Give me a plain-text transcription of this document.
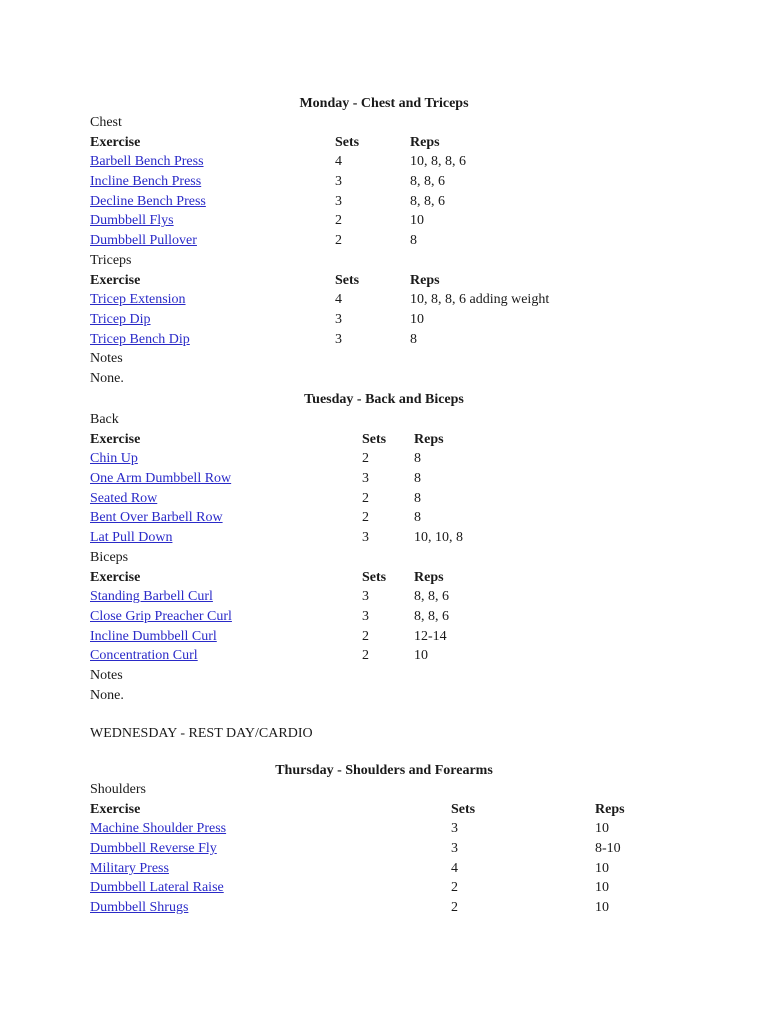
Monday - Chest and Triceps
Chest
Exercise	Sets	Reps
Barbell Bench Press	4	10, 8, 8, 6
Incline Bench Press	3	8, 8, 6
Decline Bench Press	3	8, 8, 6
Dumbbell Flys	2	10
Dumbbell Pullover	2	8
Triceps
Exercise	Sets	Reps
Tricep Extension	4	10, 8, 8, 6 adding weight
Tricep Dip	3	10
Tricep Bench Dip	3	8
Notes
None.
Tuesday - Back and Biceps
Back
Exercise	Sets Reps
Chin Up	2	8
One Arm Dumbbell Row	3	8
Seated Row	2	8
Bent Over Barbell Row	2	8
Lat Pull Down	3	10, 10, 8
Biceps
Exercise	Sets Reps
Standing Barbell Curl	3	8, 8, 6
Close Grip Preacher Curl	3	8, 8, 6
Incline Dumbbell Curl	2	12-14
Concentration Curl	2	10
Notes
None.
WEDNESDAY - REST DAY/CARDIO
Thursday - Shoulders and Forearms
Shoulders
Exercise	Sets	Reps
Machine Shoulder Press	3	10
Dumbbell Reverse Fly	3	8-10
Military Press	4	10
Dumbbell Lateral Raise	2	10
Dumbbell Shrugs	2	10
